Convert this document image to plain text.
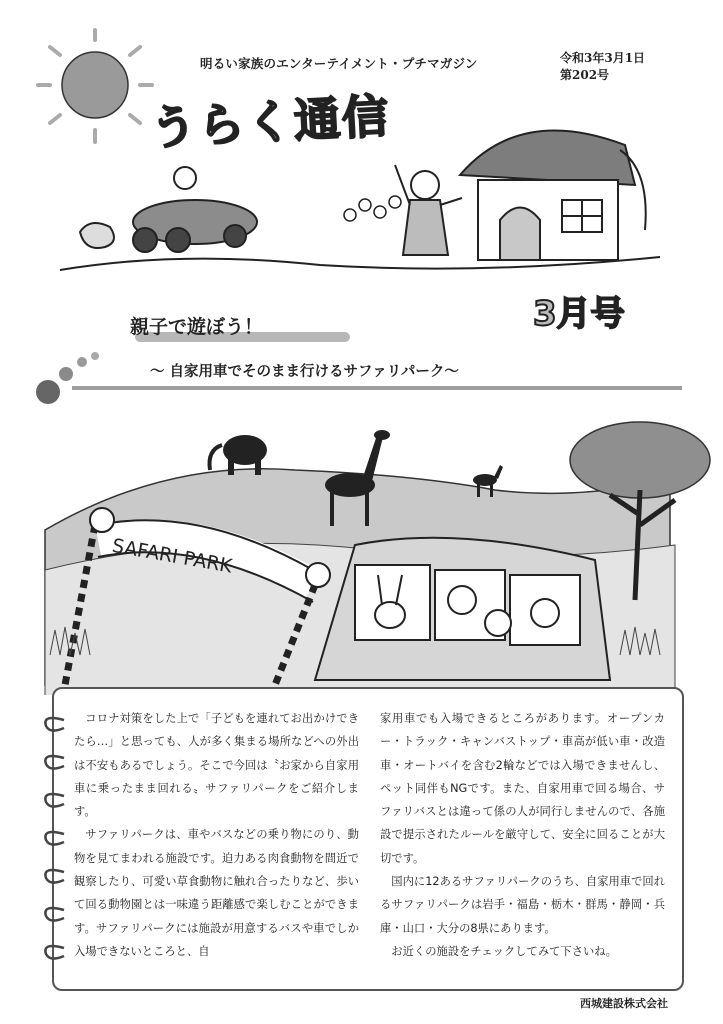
明るい家族のエンターテイメント・プチマガジン	令和3年3月1日
第202号
うらく通信
3月号
親子で遊ぼう！
～ 自家用車でそのまま行けるサファリパーク～
SAFARI PARK

コロナ対策をした上で「子どもを連れてお出かけできたら…」と思っても、人が多く集まる場所などへの外出は不安もあるでしょう。そこで今回は〝お家から自家用車に乗ったまま回れる〟サファリパークをご紹介します。

サファリパークは、車やバスなどの乗り物にのり、動物を見てまわれる施設です。迫力ある肉食動物を間近で観察したり、可愛い草食動物に触れ合ったりなど、歩いて回る動物園とは一味違う距離感で楽しむことができます。サファリパークには施設が用意するバスや車でしか入場できないところと、自

家用車でも入場できるところがあります。オープンカー・トラック・キャンバストップ・車高が低い車・改造車・オートバイを含む2輪などでは入場できませんし、ペット同伴もNGです。また、自家用車で回る場合、サファリバスとは違って係の人が同行しませんので、各施設で提示されたルールを厳守して、安全に回ることが大切です。

国内に12あるサファリパークのうち、自家用車で回れるサファリパークは岩手・福島・栃木・群馬・静岡・兵庫・山口・大分の8県にあります。

お近くの施設をチェックしてみて下さいね。

西城建設株式会社
